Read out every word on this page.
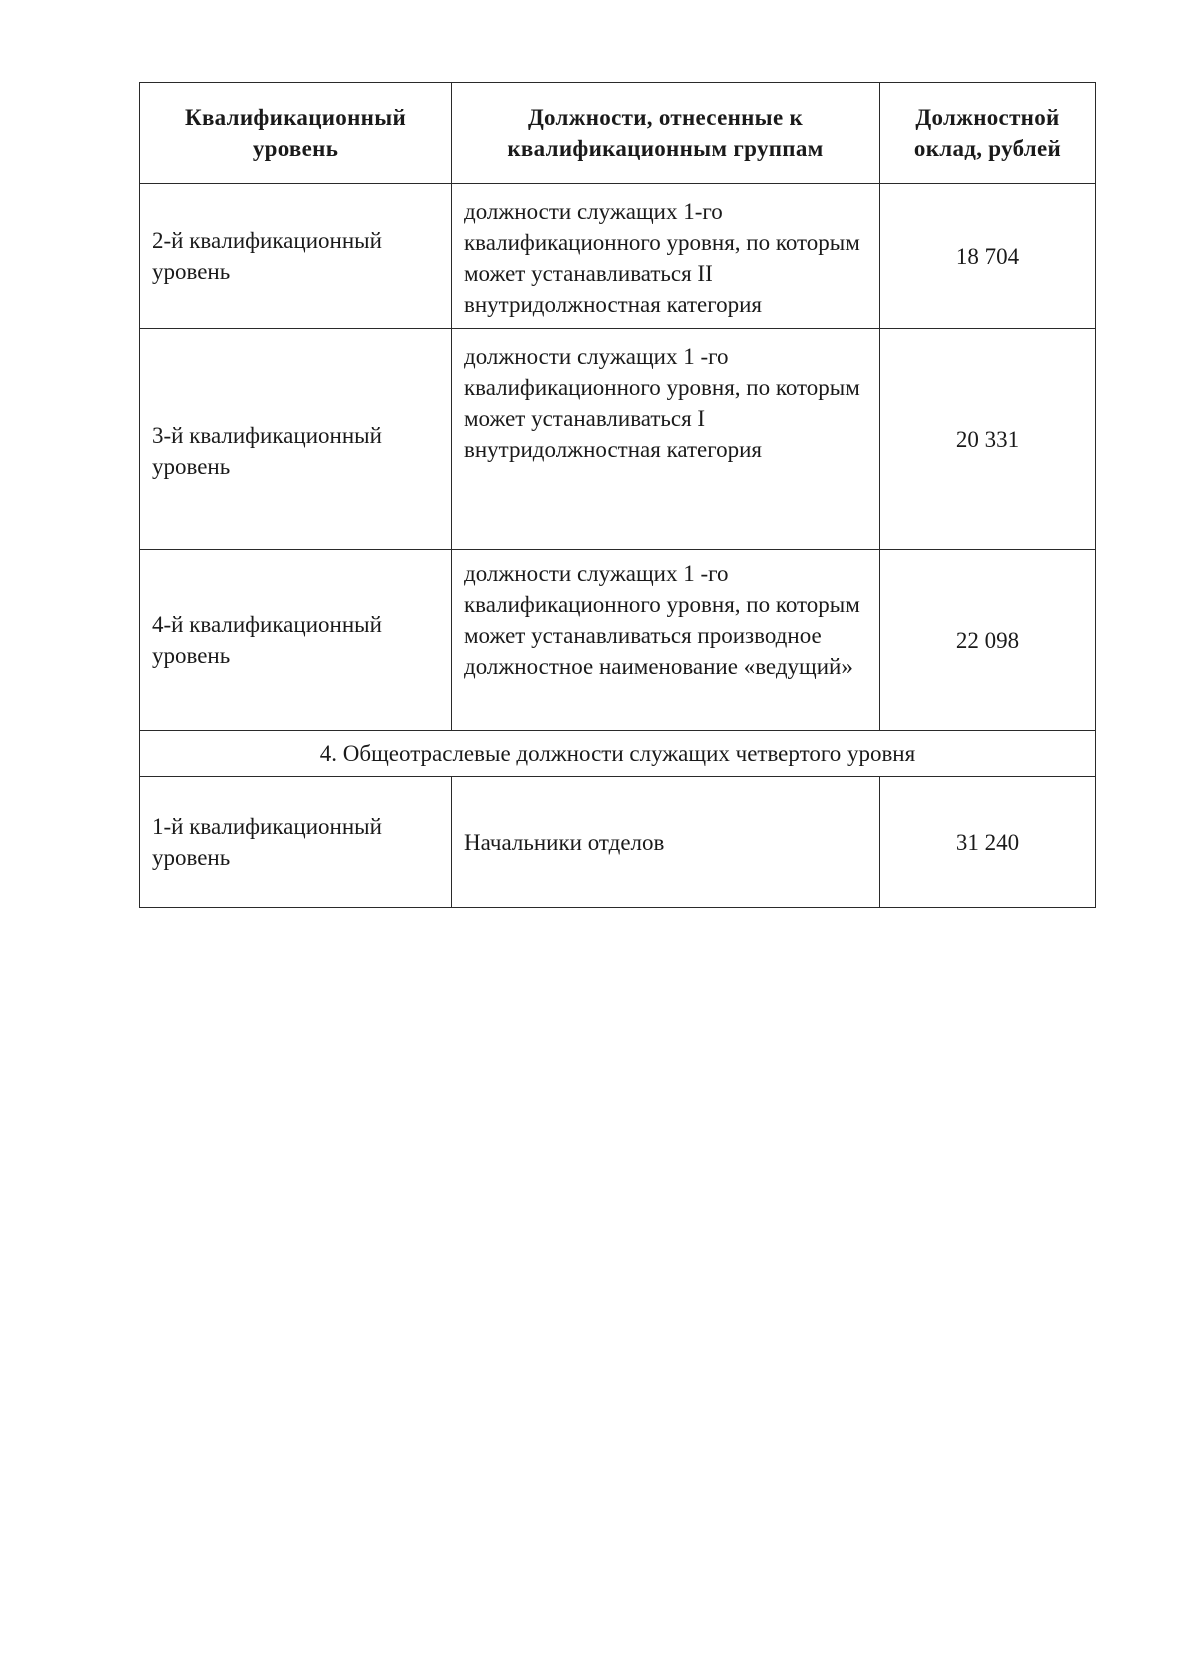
Квалификационный уровень	Должности, отнесенные к квалификационным группам	Должностной оклад, рублей
2-й квалификационный уровень	должности служащих 1-го квалификационного уровня, по которым может устанавливаться II внутридолжностная категория	18 704
3-й квалификационный уровень	должности служащих 1 -го квалификационного уровня, по которым может устанавливаться I внутридолжностная категория	20 331
4-й квалификационный уровень	должности служащих 1 -го квалификационного уровня, по которым может устанавливаться производное должностное наименование «ведущий»	22 098
4. Общеотраслевые должности служащих четвертого уровня		
1-й квалификационный уровень	Начальники отделов	31 240
